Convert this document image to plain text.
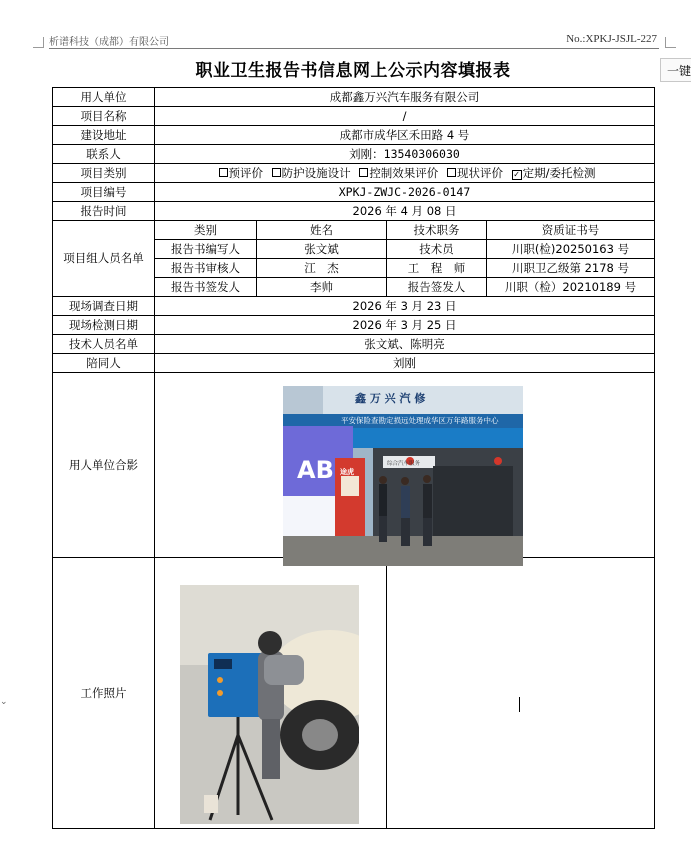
析谱科技（成都）有限公司	No.:XPKJ-JSJL-227
职业卫生报告书信息网上公示内容填报表	一键
⌄
用人单位	成都鑫万兴汽车服务有限公司			
项目名称	/			
建设地址	成都市成华区禾田路 4 号			
联系人	刘刚：13540306030			
项目类别	预评价 防护设施设计 控制效果评价 现状评价 ✓ 定期/委托检测			
项目编号	XPKJ-ZWJC-2026-0147			
报告时间	2026 年 4 月 08 日			
项目组人员名单	类别	姓名	技术职务	资质证书号
	报告书编写人	张文斌	技术员	川职(检)20250163 号
	报告书审核人	江　杰	工　程　师	川职卫乙级第 2178 号
	报告书签发人	李帅	报告签发人	川职（检）20210189 号
现场调查日期	2026 年 3 月 23 日			
现场检测日期	2026 年 3 月 25 日			
技术人员名单	张文斌、陈明亮			
陪同人	刘刚			
用人单位合影				
工作照片				
鑫 万 兴 汽 修
平安保险查勘定损远处理成华区万年路服务中心
综合汽车服务
AB 途虎
